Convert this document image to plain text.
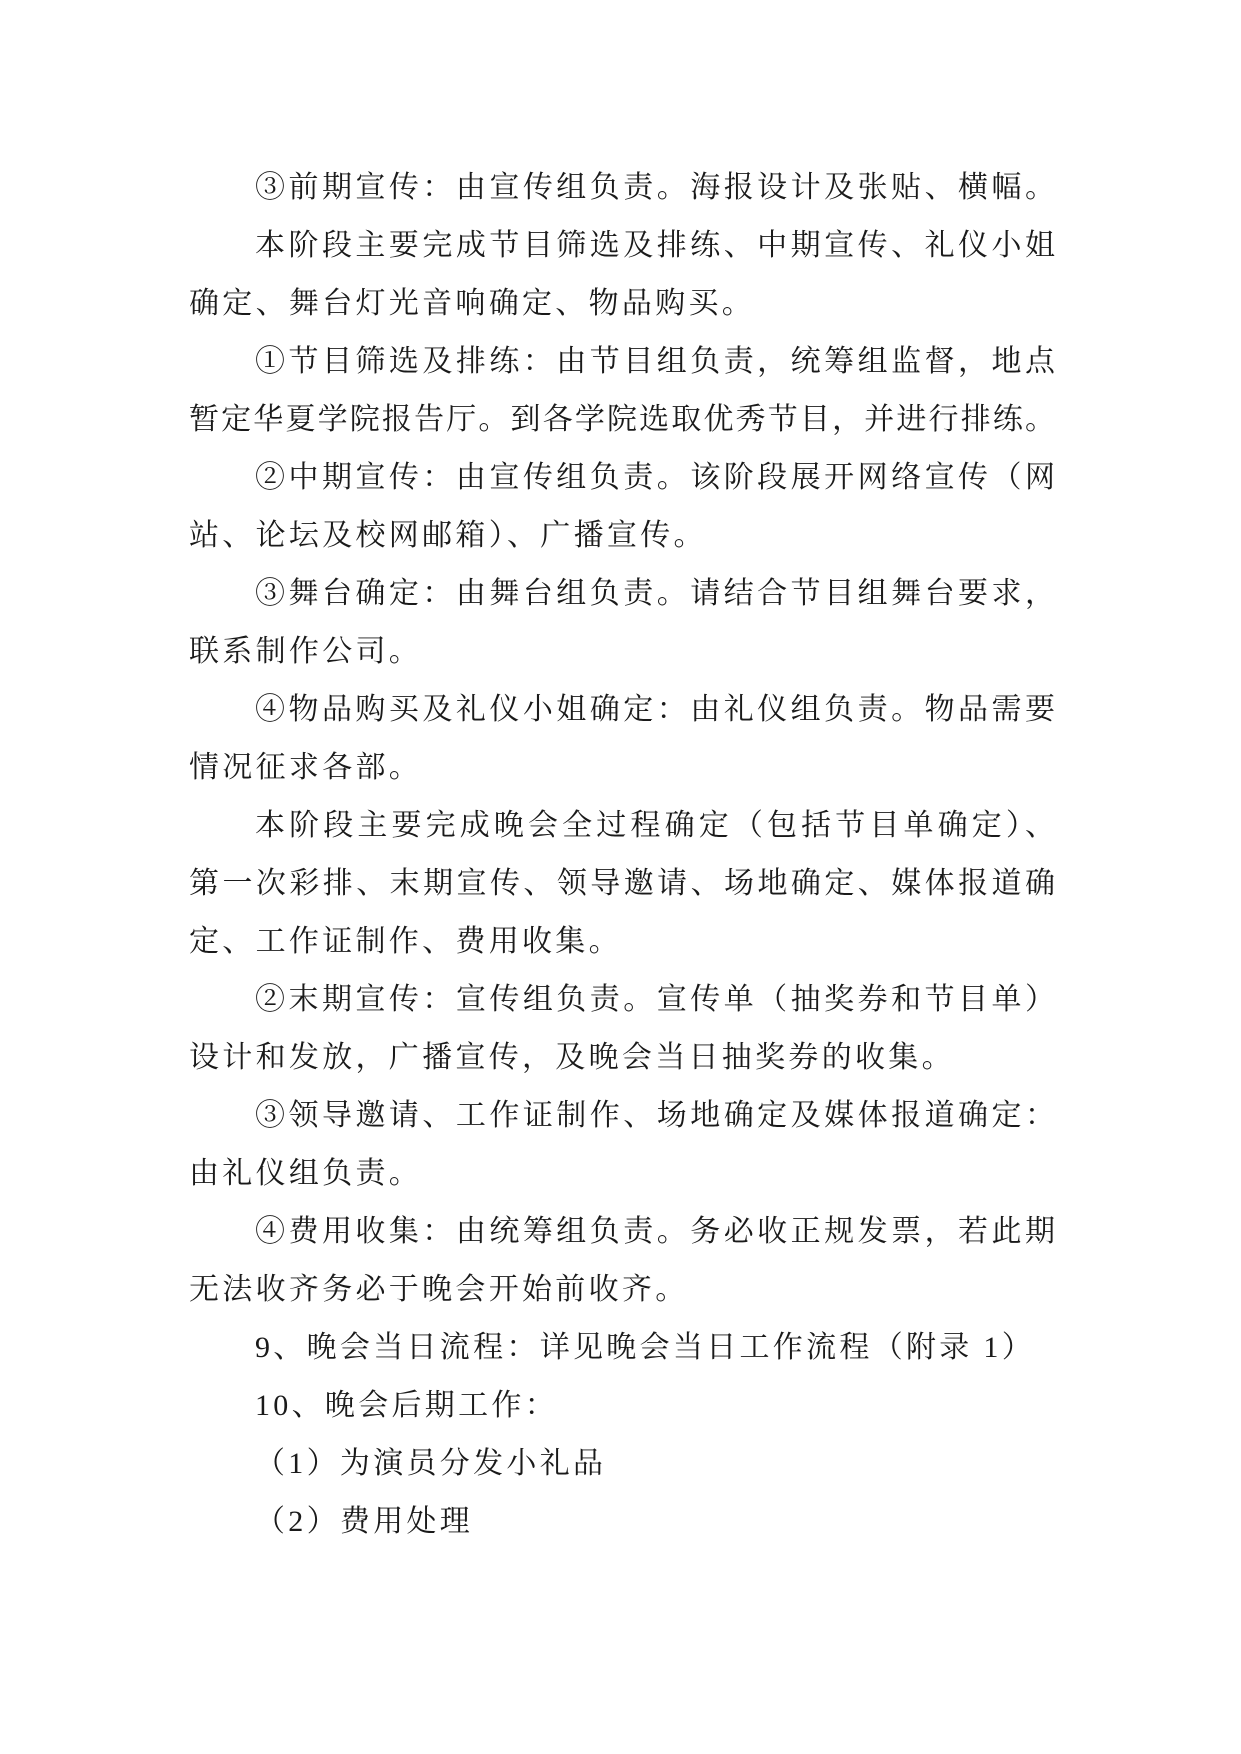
③前期宣传：由宣传组负责。海报设计及张贴、横幅。
本阶段主要完成节目筛选及排练、中期宣传、礼仪小姐
确定、舞台灯光音响确定、物品购买。
①节目筛选及排练：由节目组负责，统筹组监督，地点
暂定华夏学院报告厅。到各学院选取优秀节目，并进行排练。
②中期宣传：由宣传组负责。该阶段展开网络宣传（网
站、论坛及校网邮箱）、广播宣传。
③舞台确定：由舞台组负责。请结合节目组舞台要求，
联系制作公司。
④物品购买及礼仪小姐确定：由礼仪组负责。物品需要
情况征求各部。
本阶段主要完成晚会全过程确定（包括节目单确定）、
第一次彩排、末期宣传、领导邀请、场地确定、媒体报道确
定、工作证制作、费用收集。
②末期宣传：宣传组负责。宣传单（抽奖券和节目单）
设计和发放，广播宣传，及晚会当日抽奖券的收集。
③领导邀请、工作证制作、场地确定及媒体报道确定：
由礼仪组负责。
④费用收集：由统筹组负责。务必收正规发票，若此期
无法收齐务必于晚会开始前收齐。
9、晚会当日流程：详见晚会当日工作流程（附录 1）
10、晚会后期工作：
（1）为演员分发小礼品
（2）费用处理
